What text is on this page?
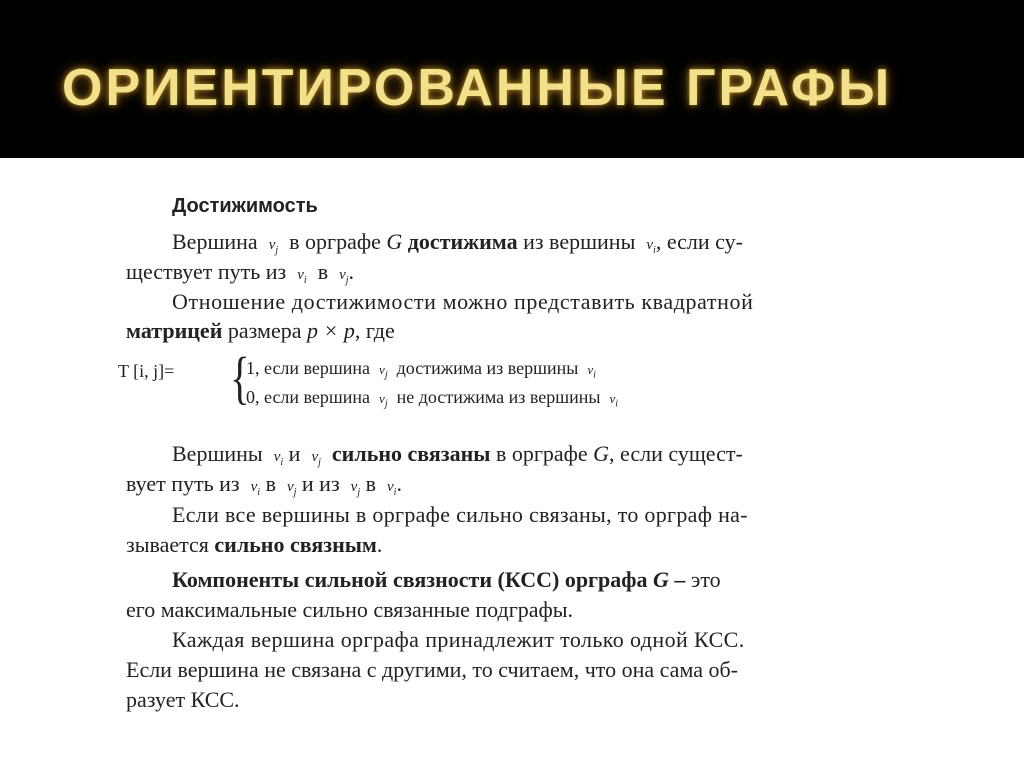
ОРИЕНТИРОВАННЫЕ ГРАФЫ
Достижимость
Вершина $v_j$ в орграфе G достижима из вершины $v_i$, если су-
ществует путь из $v_i$ в $v_j$.
Отношение достижимости можно представить квадратной
матрицей размера p × p, где
T [i, j]= {
1, если вершина $v_j$ достижима из вершины $v_i$
0, если вершина $v_j$ не достижима из вершины $v_i$
Вершины $v_i$ и $v_j$ сильно связаны в орграфе G, если сущест-
вует путь из $v_i$ в $v_j$ и из $v_j$ в $v_i$.
Если все вершины в орграфе сильно связаны, то орграф на-
зывается сильно связным.
Компоненты сильной связности (КСС) орграфа G – это
его максимальные сильно связанные подграфы.
Каждая вершина орграфа принадлежит только одной КСС.
Если вершина не связана с другими, то считаем, что она сама об-
разует КСС.
